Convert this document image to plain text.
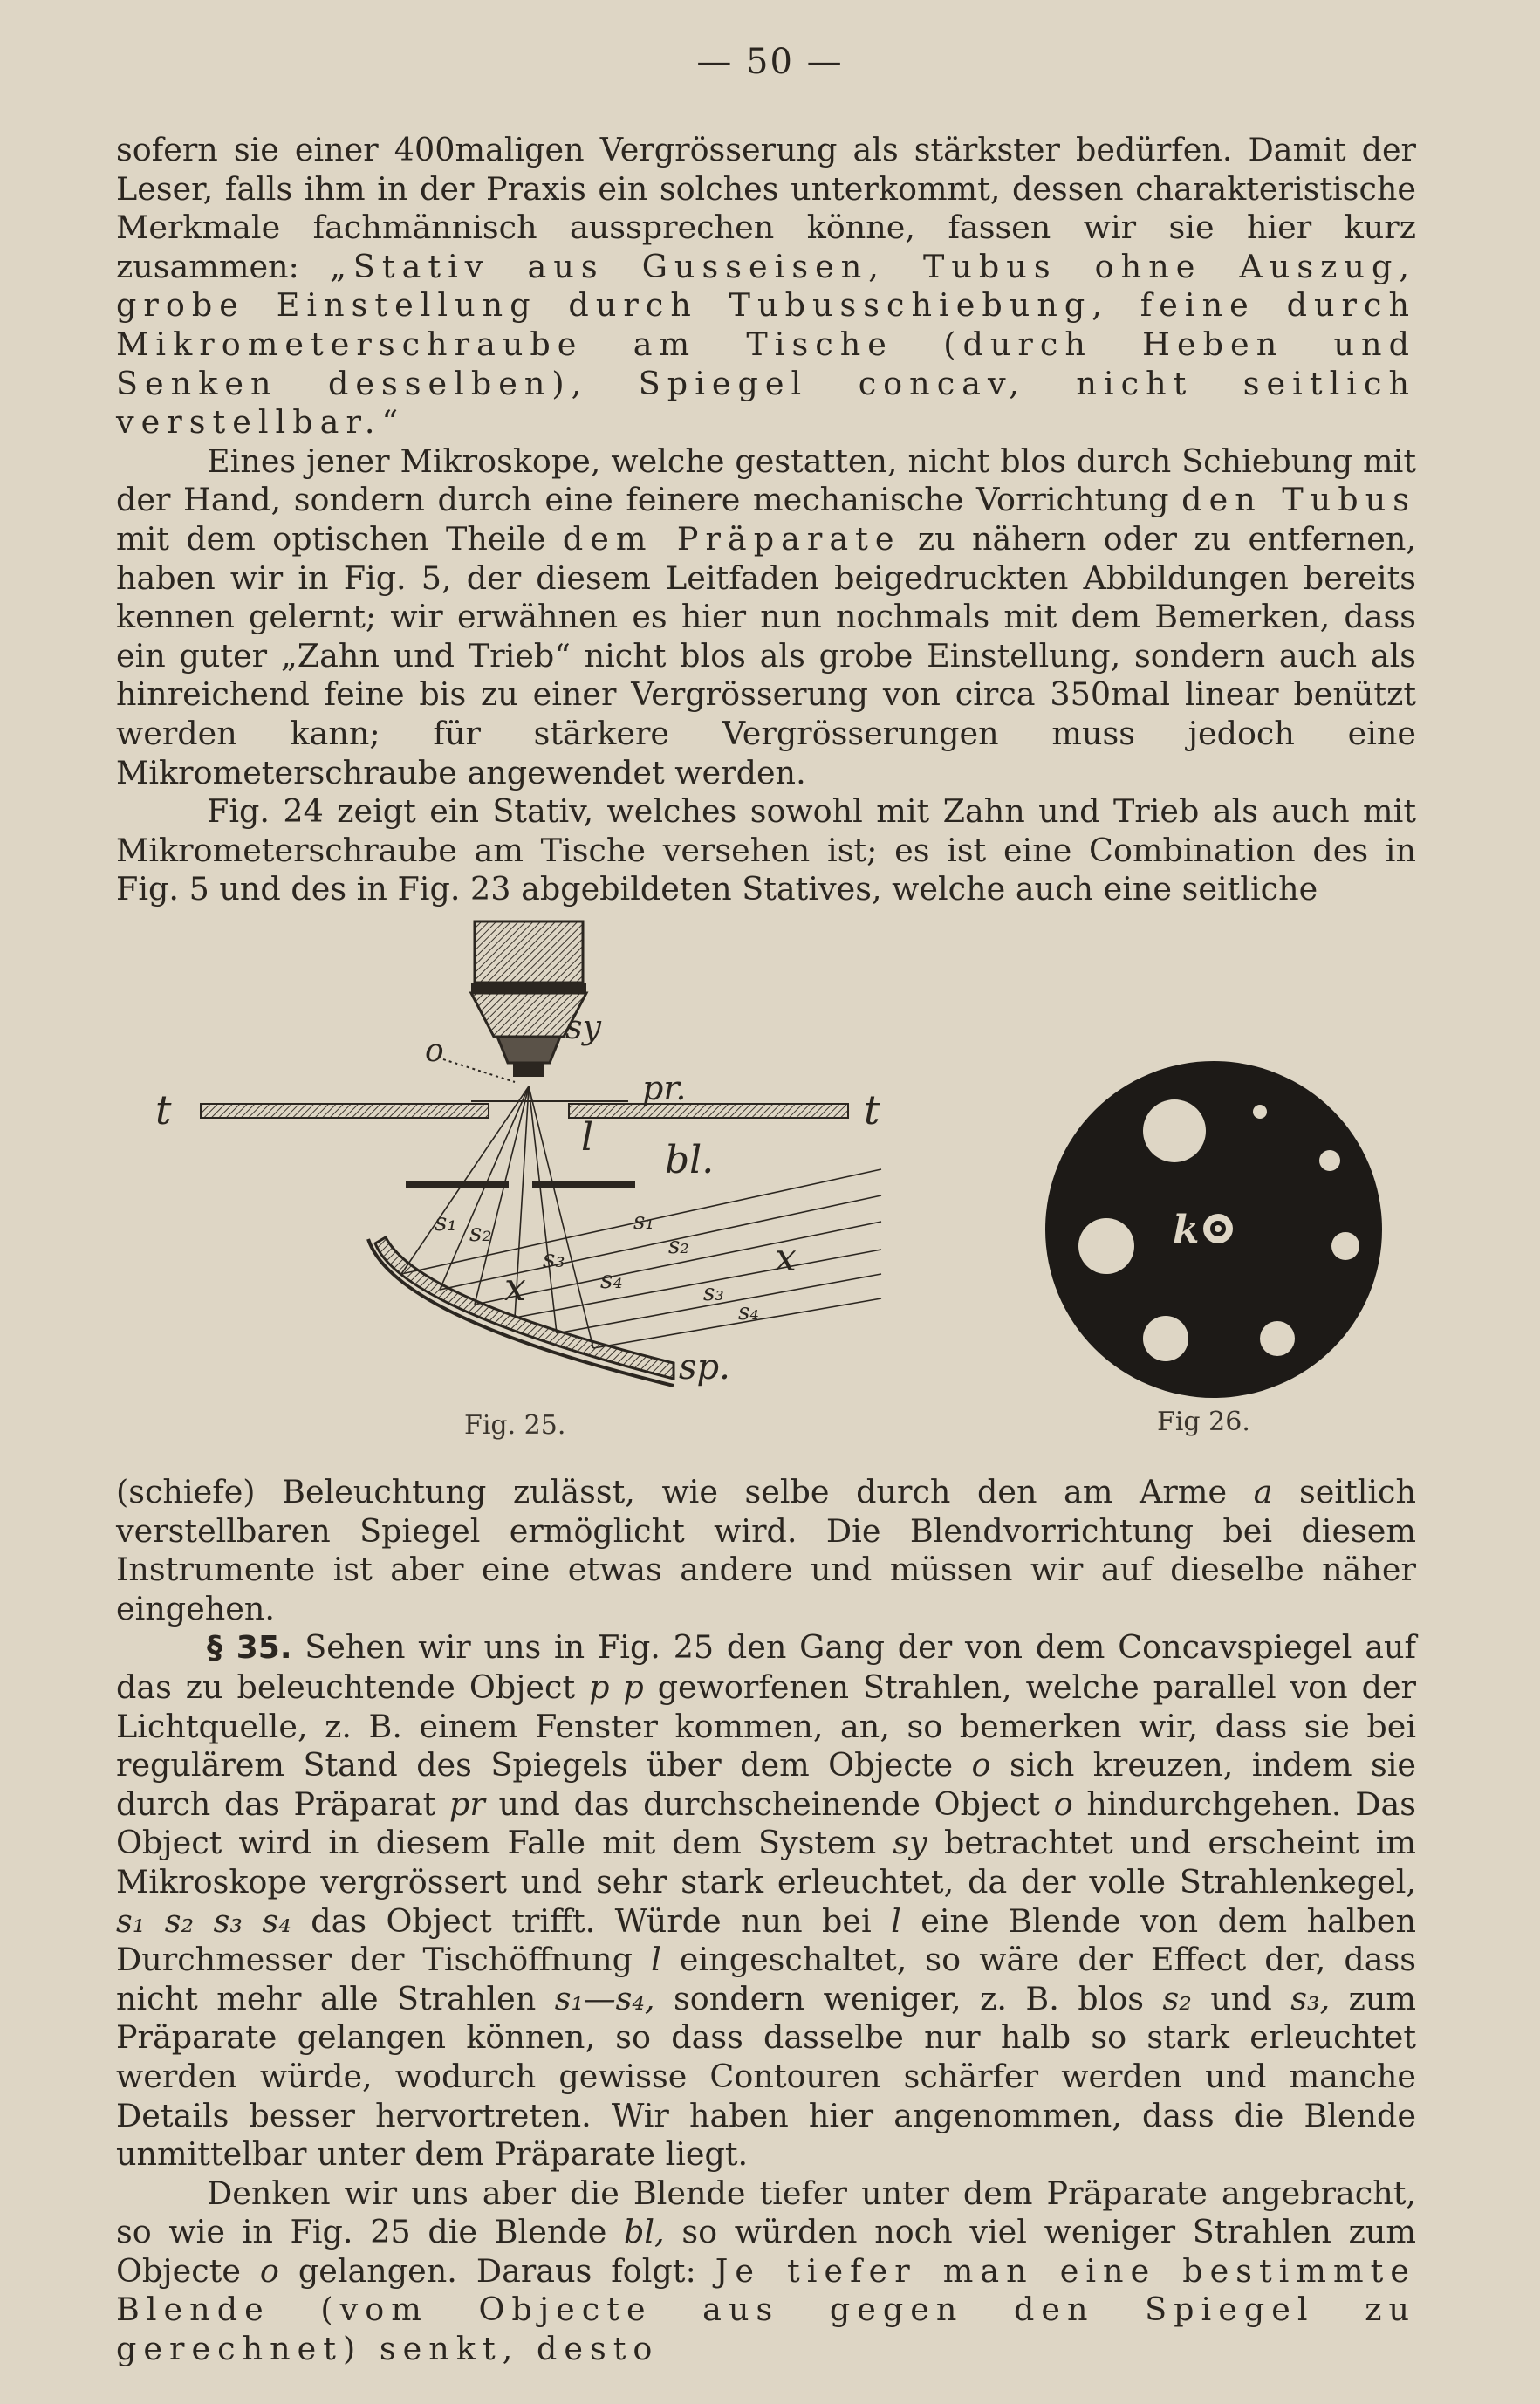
— 50 —

sofern sie einer 400maligen Vergrösserung als stärkster bedürfen. Damit der Leser, falls ihm in der Praxis ein solches unterkommt, dessen charakteristische Merkmale fachmännisch aussprechen könne, fassen wir sie hier kurz zusammen: „Stativ aus Gusseisen, Tubus ohne Auszug, grobe Einstellung durch Tubusschiebung, feine durch Mikrometerschraube am Tische (durch Heben und Senken desselben), Spiegel concav, nicht seitlich verstellbar.“

Eines jener Mikroskope, welche gestatten, nicht blos durch Schiebung mit der Hand, sondern durch eine feinere mechanische Vorrichtung den Tubus mit dem optischen Theile dem Präparate zu nähern oder zu entfernen, haben wir in Fig. 5, der diesem Leitfaden beigedruckten Abbildungen bereits kennen gelernt; wir erwähnen es hier nun nochmals mit dem Bemerken, dass ein guter „Zahn und Trieb“ nicht blos als grobe Einstellung, sondern auch als hinreichend feine bis zu einer Vergrösserung von circa 350mal linear benützt werden kann; für stärkere Vergrösserungen muss jedoch eine Mikrometerschraube angewendet werden.

Fig. 24 zeigt ein Stativ, welches sowohl mit Zahn und Trieb als auch mit Mikrometerschraube am Tische versehen ist; es ist eine Combination des in Fig. 5 und des in Fig. 23 abgebildeten Statives, welche auch eine seitliche

o
sy
pr.
t	t
l
bl.
s₁ s₂
s₃
s₄
s₁
s₂
s₃
s₄
x
x
sp.
Fig. 25.
k
Fig 26.

(schiefe) Beleuchtung zulässt, wie selbe durch den am Arme a seitlich verstellbaren Spiegel ermöglicht wird. Die Blendvorrichtung bei diesem Instrumente ist aber eine etwas andere und müssen wir auf dieselbe näher eingehen.

§ 35. Sehen wir uns in Fig. 25 den Gang der von dem Concavspiegel auf das zu beleuchtende Object p p geworfenen Strahlen, welche parallel von der Lichtquelle, z. B. einem Fenster kommen, an, so bemerken wir, dass sie bei regulärem Stand des Spiegels über dem Objecte o sich kreuzen, indem sie durch das Präparat pr und das durchscheinende Object o hindurchgehen. Das Object wird in diesem Falle mit dem System sy betrachtet und erscheint im Mikroskope vergrössert und sehr stark erleuchtet, da der volle Strahlenkegel, s₁ s₂ s₃ s₄ das Object trifft. Würde nun bei l eine Blende von dem halben Durchmesser der Tischöffnung l eingeschaltet, so wäre der Effect der, dass nicht mehr alle Strahlen s₁—s₄, sondern weniger, z. B. blos s₂ und s₃, zum Präparate gelangen können, so dass dasselbe nur halb so stark erleuchtet werden würde, wodurch gewisse Contouren schärfer werden und manche Details besser hervortreten. Wir haben hier angenommen, dass die Blende unmittelbar unter dem Präparate liegt.

Denken wir uns aber die Blende tiefer unter dem Präparate angebracht, so wie in Fig. 25 die Blende bl, so würden noch viel weniger Strahlen zum Objecte o gelangen. Daraus folgt: Je tiefer man eine bestimmte Blende (vom Objecte aus gegen den Spiegel zu gerechnet) senkt, desto
